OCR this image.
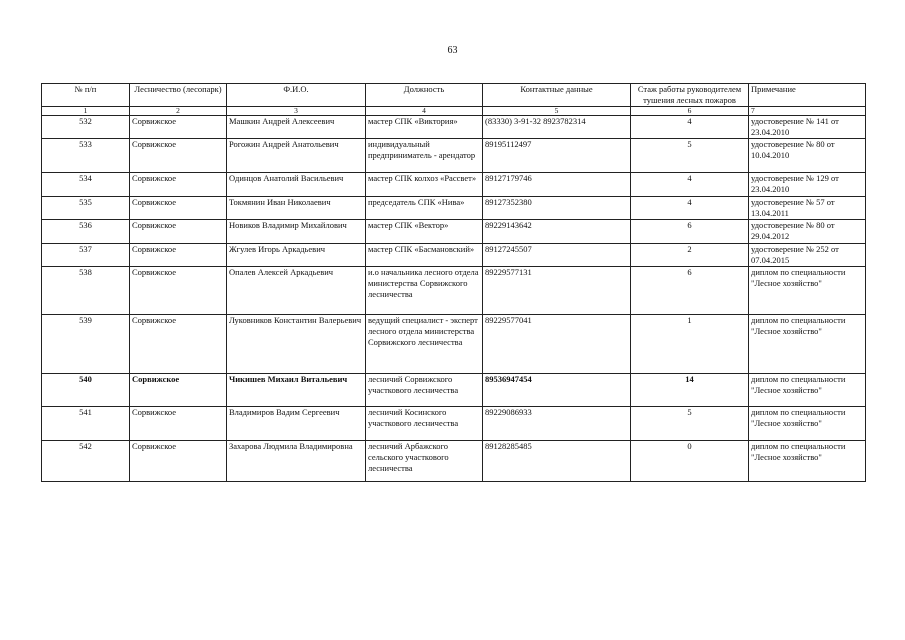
63
№ п/п	Лесничество (лесопарк)	Ф.И.О.	Должность	Контактные данные	Стаж работы руководителем тушения лесных пожаров	Примечание
1	2	3	4	5	6	7
532	Сорвижское	Машкин Андрей Алексеевич	мастер СПК «Виктория»	(83330) 3-91-32 8923782314	4	удостоверение № 141 от 23.04.2010
533	Сорвижское	Рогожин Андрей Анатольевич	индивидуальный предприниматель - арендатор	89195112497	5	удостоверение № 80 от 10.04.2010
534	Сорвижское	Одинцов Анатолий Васильевич	мастер СПК колхоз «Рассвет»	89127179746	4	удостоверение № 129 от 23.04.2010
535	Сорвижское	Токмянин Иван Николаевич	председатель СПК «Нива»	89127352380	4	удостоверение № 57 от 13.04.2011
536	Сорвижское	Новиков Владимир Михайлович	мастер СПК «Вектор»	89229143642	6	удостоверение № 80 от 29.04.2012
537	Сорвижское	Жгулев Игорь Аркадьевич	мастер СПК «Басмановский»	89127245507	2	удостоверение № 252 от 07.04.2015
538	Сорвижское	Опалев Алексей Аркадьевич	и.о начальника лесного отдела министерства Сорвижского лесничества	89229577131	6	диплом по специальности "Лесное хозяйство"
539	Сорвижское	Луковников Константин Валерьевич	ведущий специалист - эксперт лесного отдела министерства Сорвижского лесничества	89229577041	1	диплом по специальности "Лесное хозяйство"
540	Сорвижское	Чикишев Михаил Витальевич	лесничий Сорвижского участкового лесничества	89536947454	14	диплом по специальности "Лесное хозяйство"
541	Сорвижское	Владимиров Вадим Сергеевич	лесничий Косинского участкового лесничества	89229086933	5	диплом по специальности "Лесное хозяйство"
542	Сорвижское	Захарова Людмила Владимировна	лесничий Арбажского сельского участкового лесничества	89128285485	0	диплом по специальности "Лесное хозяйство"
